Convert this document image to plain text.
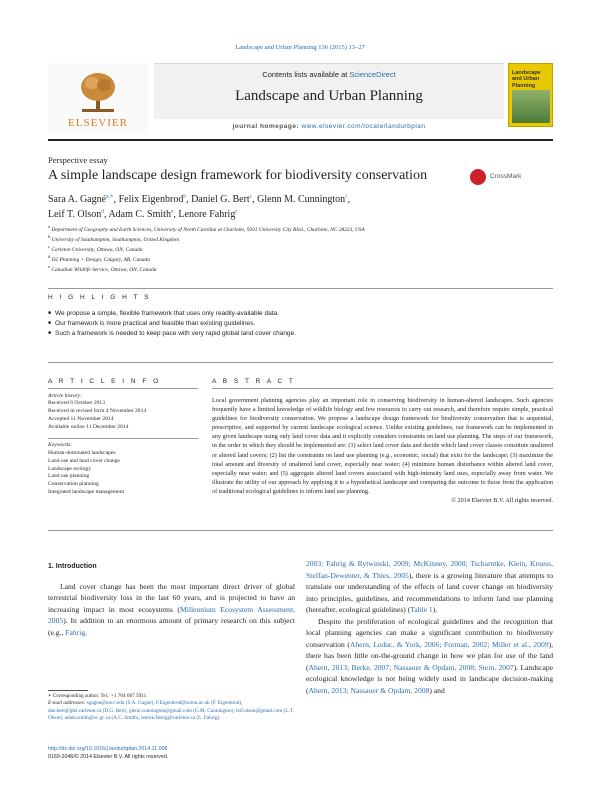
Landscape and Urban Planning 136 (2015) 13–27
ELSEVIER
Contents lists available at ScienceDirect
Landscape and Urban Planning
journal homepage: www.elsevier.com/locate/landurbplan
Landscape and Urban Planning
Perspective essay
A simple landscape design framework for biodiversity conservation	CrossMark
Sara A. Gagné$^{a,∗}$, Felix Eigenbrod$^b$, Daniel G. Bert$^c$, Glenn M. Cunnington$^c$,
Leif T. Olson$^d$, Adam C. Smith$^e$, Lenore Fahrig$^c$
$^a$ Department of Geography and Earth Sciences, University of North Carolina at Charlotte, 9201 University City Blvd., Charlotte, NC 28223, USA
$^b$ University of Southampton, Southampton, United Kingdom
$^c$ Carleton University, Ottawa, ON, Canada
$^d$ O2 Planning + Design, Calgary, AB, Canada
$^e$ Canadian Wildlife Service, Ottawa, ON, Canada
H I G H L I G H T S
■ We propose a simple, flexible framework that uses only readily-available data.
■ Our framework is more practical and feasible than existing guidelines.
■ Such a framework is needed to keep pace with very rapid global land cover change.
A R T I C L E I N F O
Article history:
Received 6 October 2013
Received in revised form 4 November 2014
Accepted 11 November 2014
Available online 11 December 2014
Keywords:
Human-dominated landscapes
Land use and land cover change
Landscape ecology
Land use planning
Conservation planning
Integrated landscape management
A B S T R A C T
Local government planning agencies play an important role in conserving biodiversity in human-altered landscapes. Such agencies frequently have a limited knowledge of wildlife biology and few resources to carry out research, and therefore require simple, practical guidelines for biodiversity conservation. We propose a landscape design framework for biodiversity conservation that is sequential, prescriptive, and supported by current landscape ecological science. Unlike existing guidelines, our framework can be implemented in any given landscape using only land cover data and it explicitly considers constraints on land use planning. The steps of our framework, in the order in which they should be implemented are: (1) select land cover data and decide which land cover classes constitute unaltered or altered land covers; (2) list the constraints on land use planning (e.g., economic, social) that exist for the landscape; (3) maximize the total amount and diversity of unaltered land cover, especially near water; (4) minimize human disturbance within altered land cover, especially near water; and (5) aggregate altered land covers associated with high-intensity land uses, especially away from water. We illustrate the utility of our approach by applying it to a hypothetical landscape and comparing the outcome to those from the application of traditional ecological guidelines to inform land use planning.
© 2014 Elsevier B.V. All rights reserved.
1. Introduction
Land cover change has been the most important direct driver of global terrestrial biodiversity loss in the last 60 years, and is projected to have an increasing impact in most ecosystems (Millennium Ecosystem Assessment, 2005). In addition to an enormous amount of primary research on this subject (e.g., Fahrig,
2003; Fahrig & Rytwinski, 2009; McKinney, 2008; Tscharntke, Klein, Kruess, Steffan-Dewenter, & Thies, 2005), there is a growing literature that attempts to translate our understanding of the effects of land cover change on biodiversity into principles, guidelines, and recommendations to inform land use planning (hereafter, ecological guidelines) (Table 1).
Despite the proliferation of ecological guidelines and the recognition that local planning agencies can make a significant contribution to biodiversity conservation (Ahern, Leduc, & York, 2006; Forman, 2002; Miller et al., 2009), there has been little on-the-ground change in how we plan for use of the land (Ahern, 2013; Berke, 2007; Nassauer & Opdam, 2008; Stein, 2007). Landscape ecological knowledge is not being widely used in landscape decision-making (Ahern, 2013; Nassauer & Opdam, 2008) and
∗ Corresponding author. Tel.: +1 704 687 5911.
E-mail addresses: sgagne@uncc.edu (S.A. Gagné), F.Eigenbrod@soton.ac.uk (F. Eigenbrod), dan.bert@glel.carleton.ca (D.G. Bert), glenn.cunnington@gmail.com (G.M. Cunnington), leif.olson@gmail.com (L.T. Olson), adam.smith@ec.gc.ca (A.C. Smith), lenore.fahrig@carleton.ca (L. Fahrig).
http://dx.doi.org/10.1016/j.landurbplan.2014.11.006
0169-2046/© 2014 Elsevier B.V. All rights reserved.
